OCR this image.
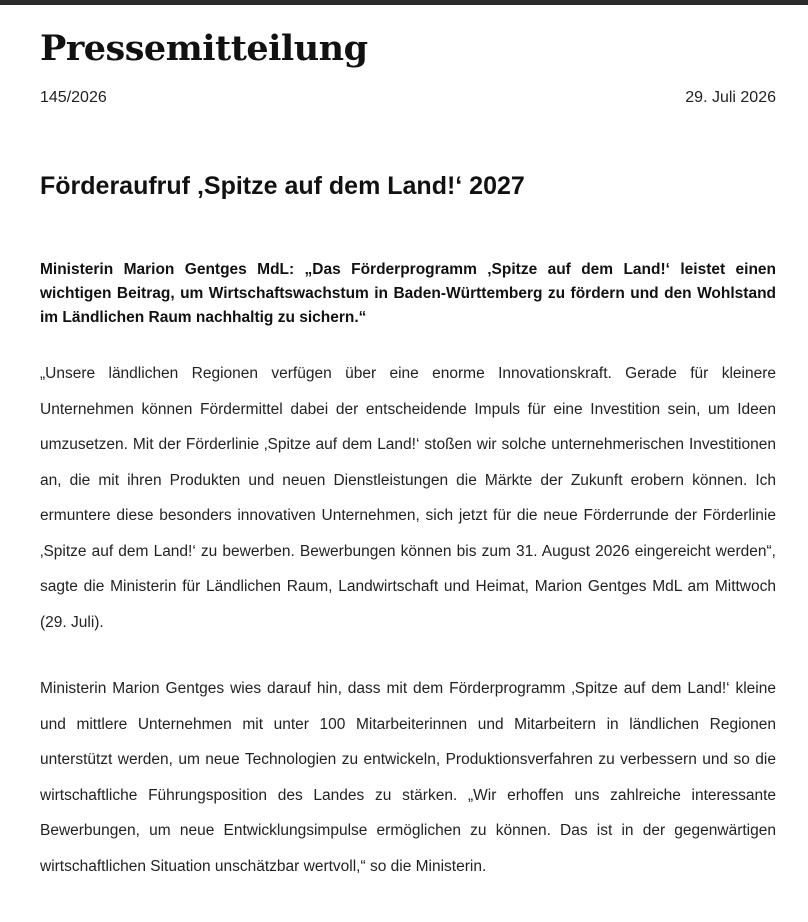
Pressemitteilung
145/2026	29. Juli 2026
Förderaufruf ‚Spitze auf dem Land!‘ 2027

Ministerin Marion Gentges MdL: „Das Förderprogramm ‚Spitze auf dem Land!‘ leistet einen wichtigen Beitrag, um Wirtschaftswachstum in Baden-Württemberg zu fördern und den Wohlstand im Ländlichen Raum nachhaltig zu sichern.“

„Unsere ländlichen Regionen verfügen über eine enorme Innovationskraft. Gerade für kleinere Unternehmen können Fördermittel dabei der entscheidende Impuls für eine Investition sein, um Ideen umzusetzen. Mit der Förderlinie ‚Spitze auf dem Land!‘ stoßen wir solche unternehmerischen Investitionen an, die mit ihren Produkten und neuen Dienstleistungen die Märkte der Zukunft erobern können. Ich ermuntere diese besonders innovativen Unternehmen, sich jetzt für die neue Förderrunde der Förderlinie ‚Spitze auf dem Land!‘ zu bewerben. Bewerbungen können bis zum 31. August 2026 eingereicht werden“, sagte die Ministerin für Ländlichen Raum, Landwirtschaft und Heimat, Marion Gentges MdL am Mittwoch (29. Juli).

Ministerin Marion Gentges wies darauf hin, dass mit dem Förderprogramm ‚Spitze auf dem Land!‘ kleine und mittlere Unternehmen mit unter 100 Mitarbeiterinnen und Mitarbeitern in ländlichen Regionen unterstützt werden, um neue Technologien zu entwickeln, Produktionsverfahren zu verbessern und so die wirtschaftliche Führungsposition des Landes zu stärken. „Wir erhoffen uns zahlreiche interessante Bewerbungen, um neue Entwicklungsimpulse ermöglichen zu können. Das ist in der gegenwärtigen wirtschaftlichen Situation unschätzbar wertvoll,“ so die Ministerin.
